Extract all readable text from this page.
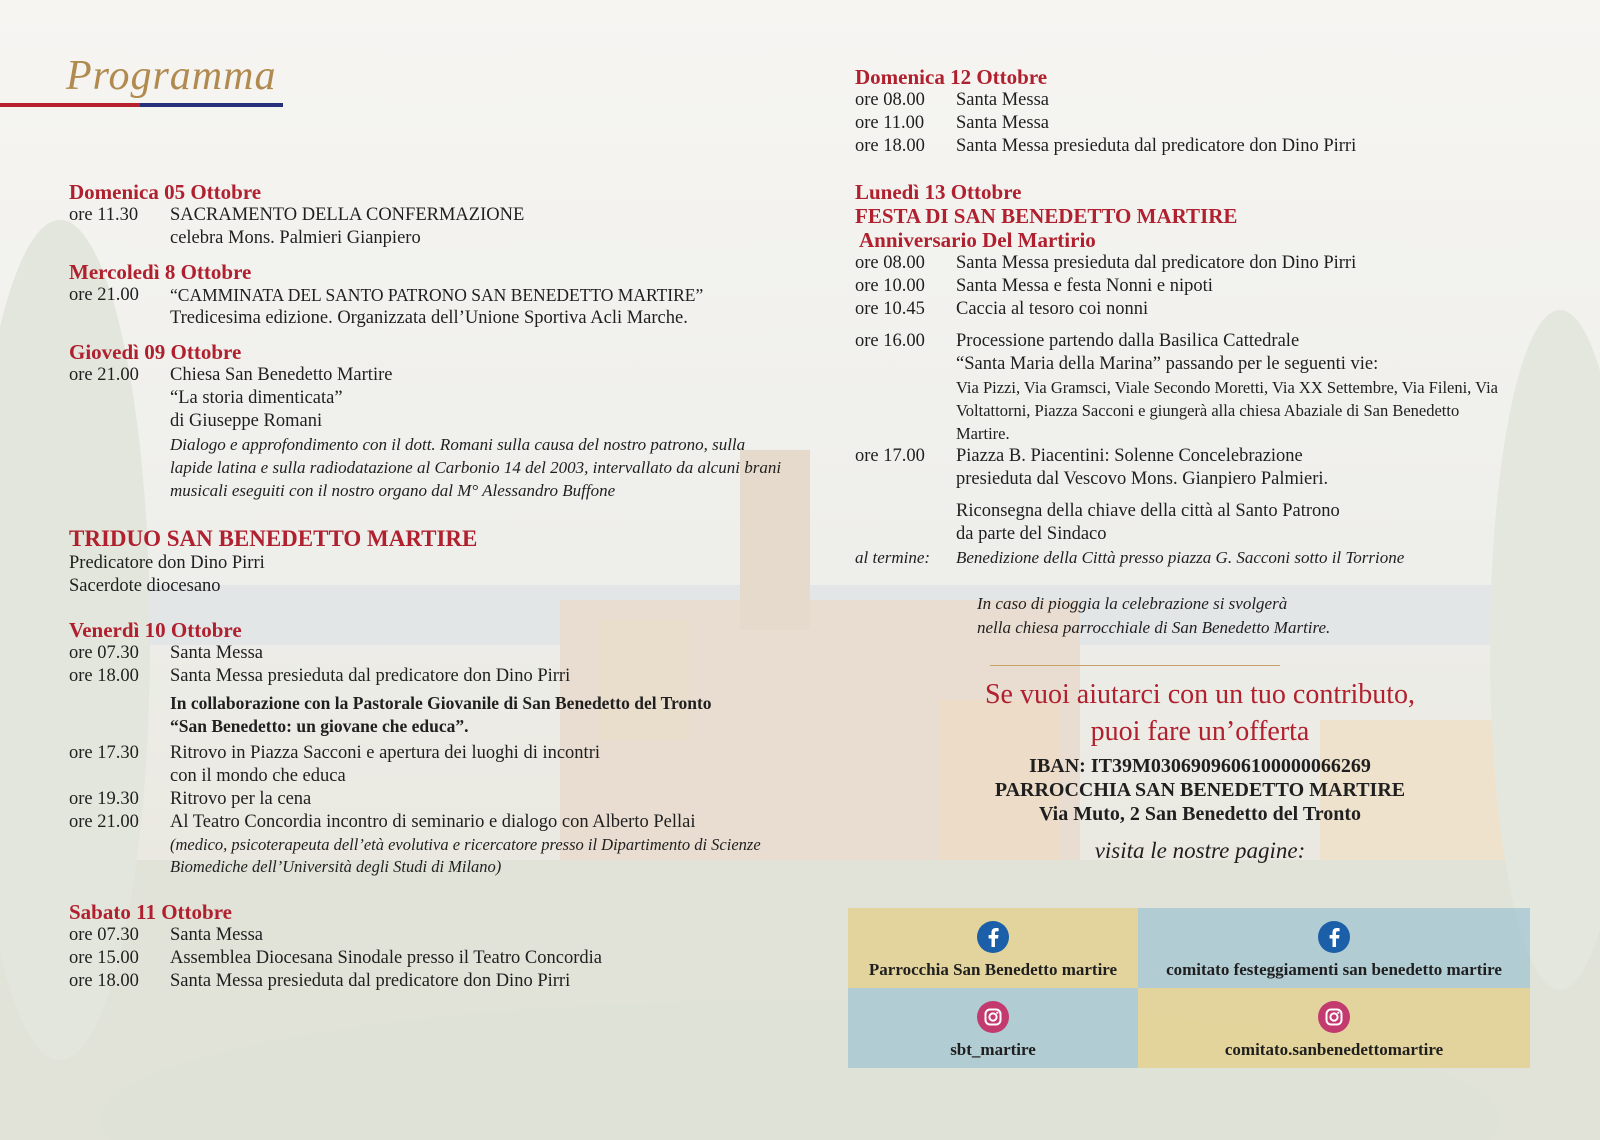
Programma

Domenica 05 Ottobre

ore 11.30	SACRAMENTO DELLA CONFERMAZIONE
celebra Mons. Palmieri Gianpiero

Mercoledì 8 Ottobre

ore 21.00	“CAMMINATA DEL SANTO PATRONO SAN BENEDETTO MARTIRE”
Tredicesima edizione. Organizzata dell’Unione Sportiva Acli Marche.

Giovedì 09 Ottobre

ore 21.00	Chiesa San Benedetto Martire
“La storia dimenticata”
di Giuseppe Romani
Dialogo e approfondimento con il dott. Romani sulla causa del nostro patrono, sulla lapide latina e sulla radiodatazione al Carbonio 14 del 2003, intervallato da alcuni brani musicali eseguiti con il nostro organo dal M° Alessandro Buffone

TRIDUO SAN BENEDETTO MARTIRE

Predicatore don Dino Pirri
Sacerdote diocesano

Venerdì 10 Ottobre

ore 07.30	Santa Messa
ore 18.00	Santa Messa presieduta dal predicatore don Dino Pirri
In collaborazione con la Pastorale Giovanile di San Benedetto del Tronto
“San Benedetto: un giovane che educa”.
ore 17.30	Ritrovo in Piazza Sacconi e apertura dei luoghi di incontri
con il mondo che educa
ore 19.30	Ritrovo per la cena
ore 21.00	Al Teatro Concordia incontro di seminario e dialogo con Alberto Pellai
(medico, psicoterapeuta dell’età evolutiva e ricercatore presso il Dipartimento di Scienze Biomediche dell’Università degli Studi di Milano)

Sabato 11 Ottobre

ore 07.30	Santa Messa
ore 15.00	Assemblea Diocesana Sinodale presso il Teatro Concordia
ore 18.00	Santa Messa presieduta dal predicatore don Dino Pirri

Domenica 12 Ottobre

ore 08.00	Santa Messa
ore 11.00	Santa Messa
ore 18.00	Santa Messa presieduta dal predicatore don Dino Pirri

Lunedì 13 Ottobre

FESTA DI SAN BENEDETTO MARTIRE

Anniversario Del Martirio

ore 08.00	Santa Messa presieduta dal predicatore don Dino Pirri
ore 10.00	Santa Messa e festa Nonni e nipoti
ore 10.45	Caccia al tesoro coi nonni
ore 16.00	Processione partendo dalla Basilica Cattedrale
“Santa Maria della Marina” passando per le seguenti vie:
Via Pizzi, Via Gramsci, Viale Secondo Moretti, Via XX Settembre, Via Fileni, Via Voltattorni, Piazza Sacconi e giungerà alla chiesa Abaziale di San Benedetto Martire.
ore 17.00	Piazza B. Piacentini: Solenne Concelebrazione
presieduta dal Vescovo Mons. Gianpiero Palmieri.
Riconsegna della chiave della città al Santo Patrono
da parte del Sindaco
al termine:	Benedizione della Città presso piazza G. Sacconi sotto il Torrione
In caso di pioggia la celebrazione si svolgerà
nella chiesa parrocchiale di San Benedetto Martire.
Se vuoi aiutarci con un tuo contributo,
puoi fare un’offerta
IBAN: IT39M0306909606100000066269
PARROCCHIA SAN BENEDETTO MARTIRE
Via Muto, 2 San Benedetto del Tronto
visita le nostre pagine:
Parrocchia San Benedetto martire	comitato festeggiamenti san benedetto martire
sbt_martire	comitato.sanbenedettomartire
